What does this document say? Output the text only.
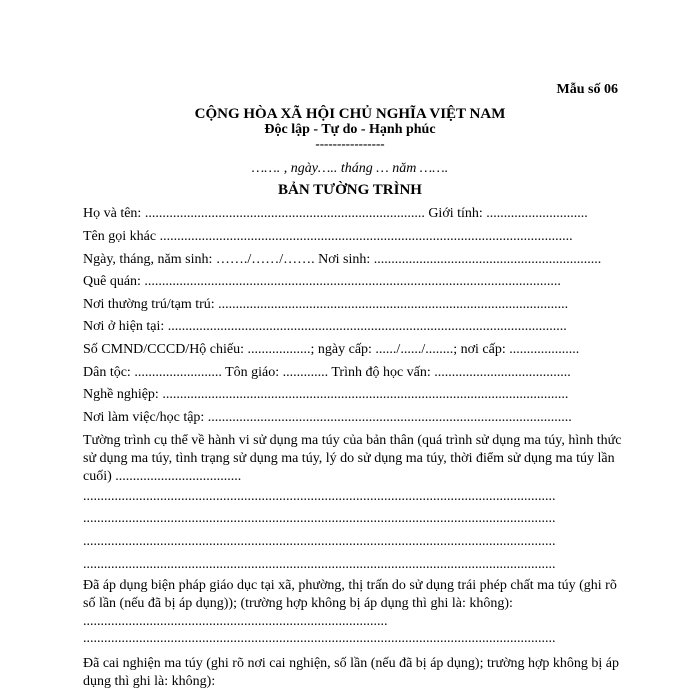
Mẫu số 06
CỘNG HÒA XÃ HỘI CHỦ NGHĨA VIỆT NAM
Độc lập - Tự do - Hạnh phúc
----------------
……. , ngày….. tháng … năm …….
BẢN TƯỜNG TRÌNH
Họ và tên: ................................................................................ Giới tính: .............................
Tên gọi khác ......................................................................................................................
Ngày, tháng, năm sinh: ……./……/……. Nơi sinh: .................................................................
Quê quán: .......................................................................................................................
Nơi thường trú/tạm trú: ....................................................................................................
Nơi ở hiện tại: ..................................................................................................................
Số CMND/CCCD/Hộ chiếu: ..................; ngày cấp: ....../....../........; nơi cấp: ....................
Dân tộc: ......................... Tôn giáo: ............. Trình độ học vấn: .......................................
Nghề nghiệp: ....................................................................................................................
Nơi làm việc/học tập: ........................................................................................................
Tường trình cụ thể về hành vi sử dụng ma túy của bản thân (quá trình sử dụng ma túy, hình thức sử dụng ma túy, tình trạng sử dụng ma túy, lý do sử dụng ma túy, thời điểm sử dụng ma túy lần cuối) ....................................
.......................................................................................................................................
.......................................................................................................................................
.......................................................................................................................................
.......................................................................................................................................
Đã áp dụng biện pháp giáo dục tại xã, phường, thị trấn do sử dụng trái phép chất ma túy (ghi rõ số lần (nếu đã bị áp dụng)); (trường hợp không bị áp dụng thì ghi là: không): .......................................................................................
.......................................................................................................................................
Đã cai nghiện ma túy (ghi rõ nơi cai nghiện, số lần (nếu đã bị áp dụng); trường hợp không bị áp dụng thì ghi là: không):
